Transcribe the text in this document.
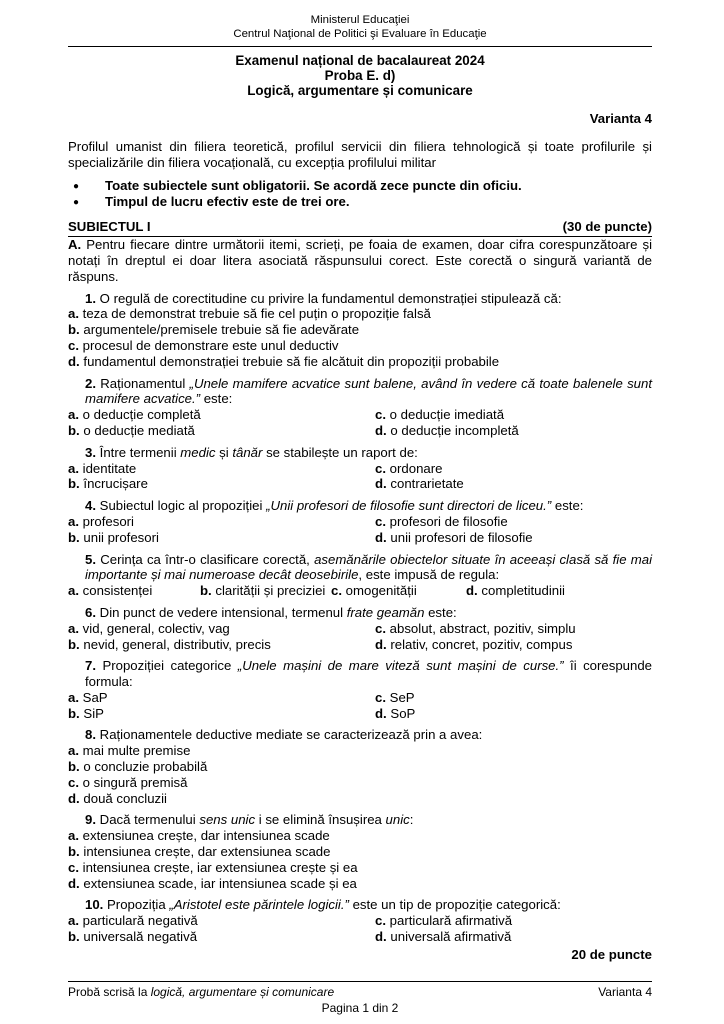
Ministerul Educaţiei
Centrul Naţional de Politici şi Evaluare în Educaţie
Examenul național de bacalaureat 2024
Proba E. d)
Logică, argumentare și comunicare
Varianta 4

Profilul umanist din filiera teoretică, profilul servicii din filiera tehnologică și toate profilurile și specializările din filiera vocațională, cu excepția profilului militar

● Toate subiectele sunt obligatorii. Se acordă zece puncte din oficiu.
● Timpul de lucru efectiv este de trei ore.
SUBIECTUL I	(30 de puncte)

A. Pentru fiecare dintre următorii itemi, scrieți, pe foaia de examen, doar cifra corespunzătoare și notați în dreptul ei doar litera asociată răspunsului corect. Este corectă o singură variantă de răspuns.

1. O regulă de corectitudine cu privire la fundamentul demonstrației stipulează că:

a. teza de demonstrat trebuie să fie cel puțin o propoziție falsă
b. argumentele/premisele trebuie să fie adevărate
c. procesul de demonstrare este unul deductiv
d. fundamentul demonstrației trebuie să fie alcătuit din propoziții probabile

2. Raționamentul „Unele mamifere acvatice sunt balene, având în vedere că toate balenele sunt mamifere acvatice.” este:

a. o deducție completă	c. o deducție imediată
b. o deducție mediată	d. o deducție incompletă

3. Între termenii medic și tânăr se stabilește un raport de:

a. identitate	c. ordonare
b. încrucișare	d. contrarietate

4. Subiectul logic al propoziției „Unii profesori de filosofie sunt directori de liceu.” este:

a. profesori	c. profesori de filosofie
b. unii profesori	d. unii profesori de filosofie

5. Cerința ca într-o clasificare corectă, asemănările obiectelor situate în aceeași clasă să fie mai importante și mai numeroase decât deosebirile, este impusă de regula:

a. consistenței	b. clarității și preciziei c. omogenității	d. completitudinii

6. Din punct de vedere intensional, termenul frate geamăn este:

a. vid, general, colectiv, vag	c. absolut, abstract, pozitiv, simplu
b. nevid, general, distributiv, precis	d. relativ, concret, pozitiv, compus

7. Propoziției categorice „Unele mașini de mare viteză sunt mașini de curse.” îi corespunde formula:

a. SaP	c. SeP
b. SiP	d. SoP

8. Raționamentele deductive mediate se caracterizează prin a avea:

a. mai multe premise
b. o concluzie probabilă
c. o singură premisă
d. două concluzii

9. Dacă termenului sens unic i se elimină însușirea unic:

a. extensiunea crește, dar intensiunea scade
b. intensiunea crește, dar extensiunea scade
c. intensiunea crește, iar extensiunea crește și ea
d. extensiunea scade, iar intensiunea scade și ea

10. Propoziția „Aristotel este părintele logicii.” este un tip de propoziție categorică:

a. particulară negativă	c. particulară afirmativă
b. universală negativă	d. universală afirmativă
20 de puncte
Probă scrisă la logică, argumentare și comunicare	Varianta 4
Pagina 1 din 2
